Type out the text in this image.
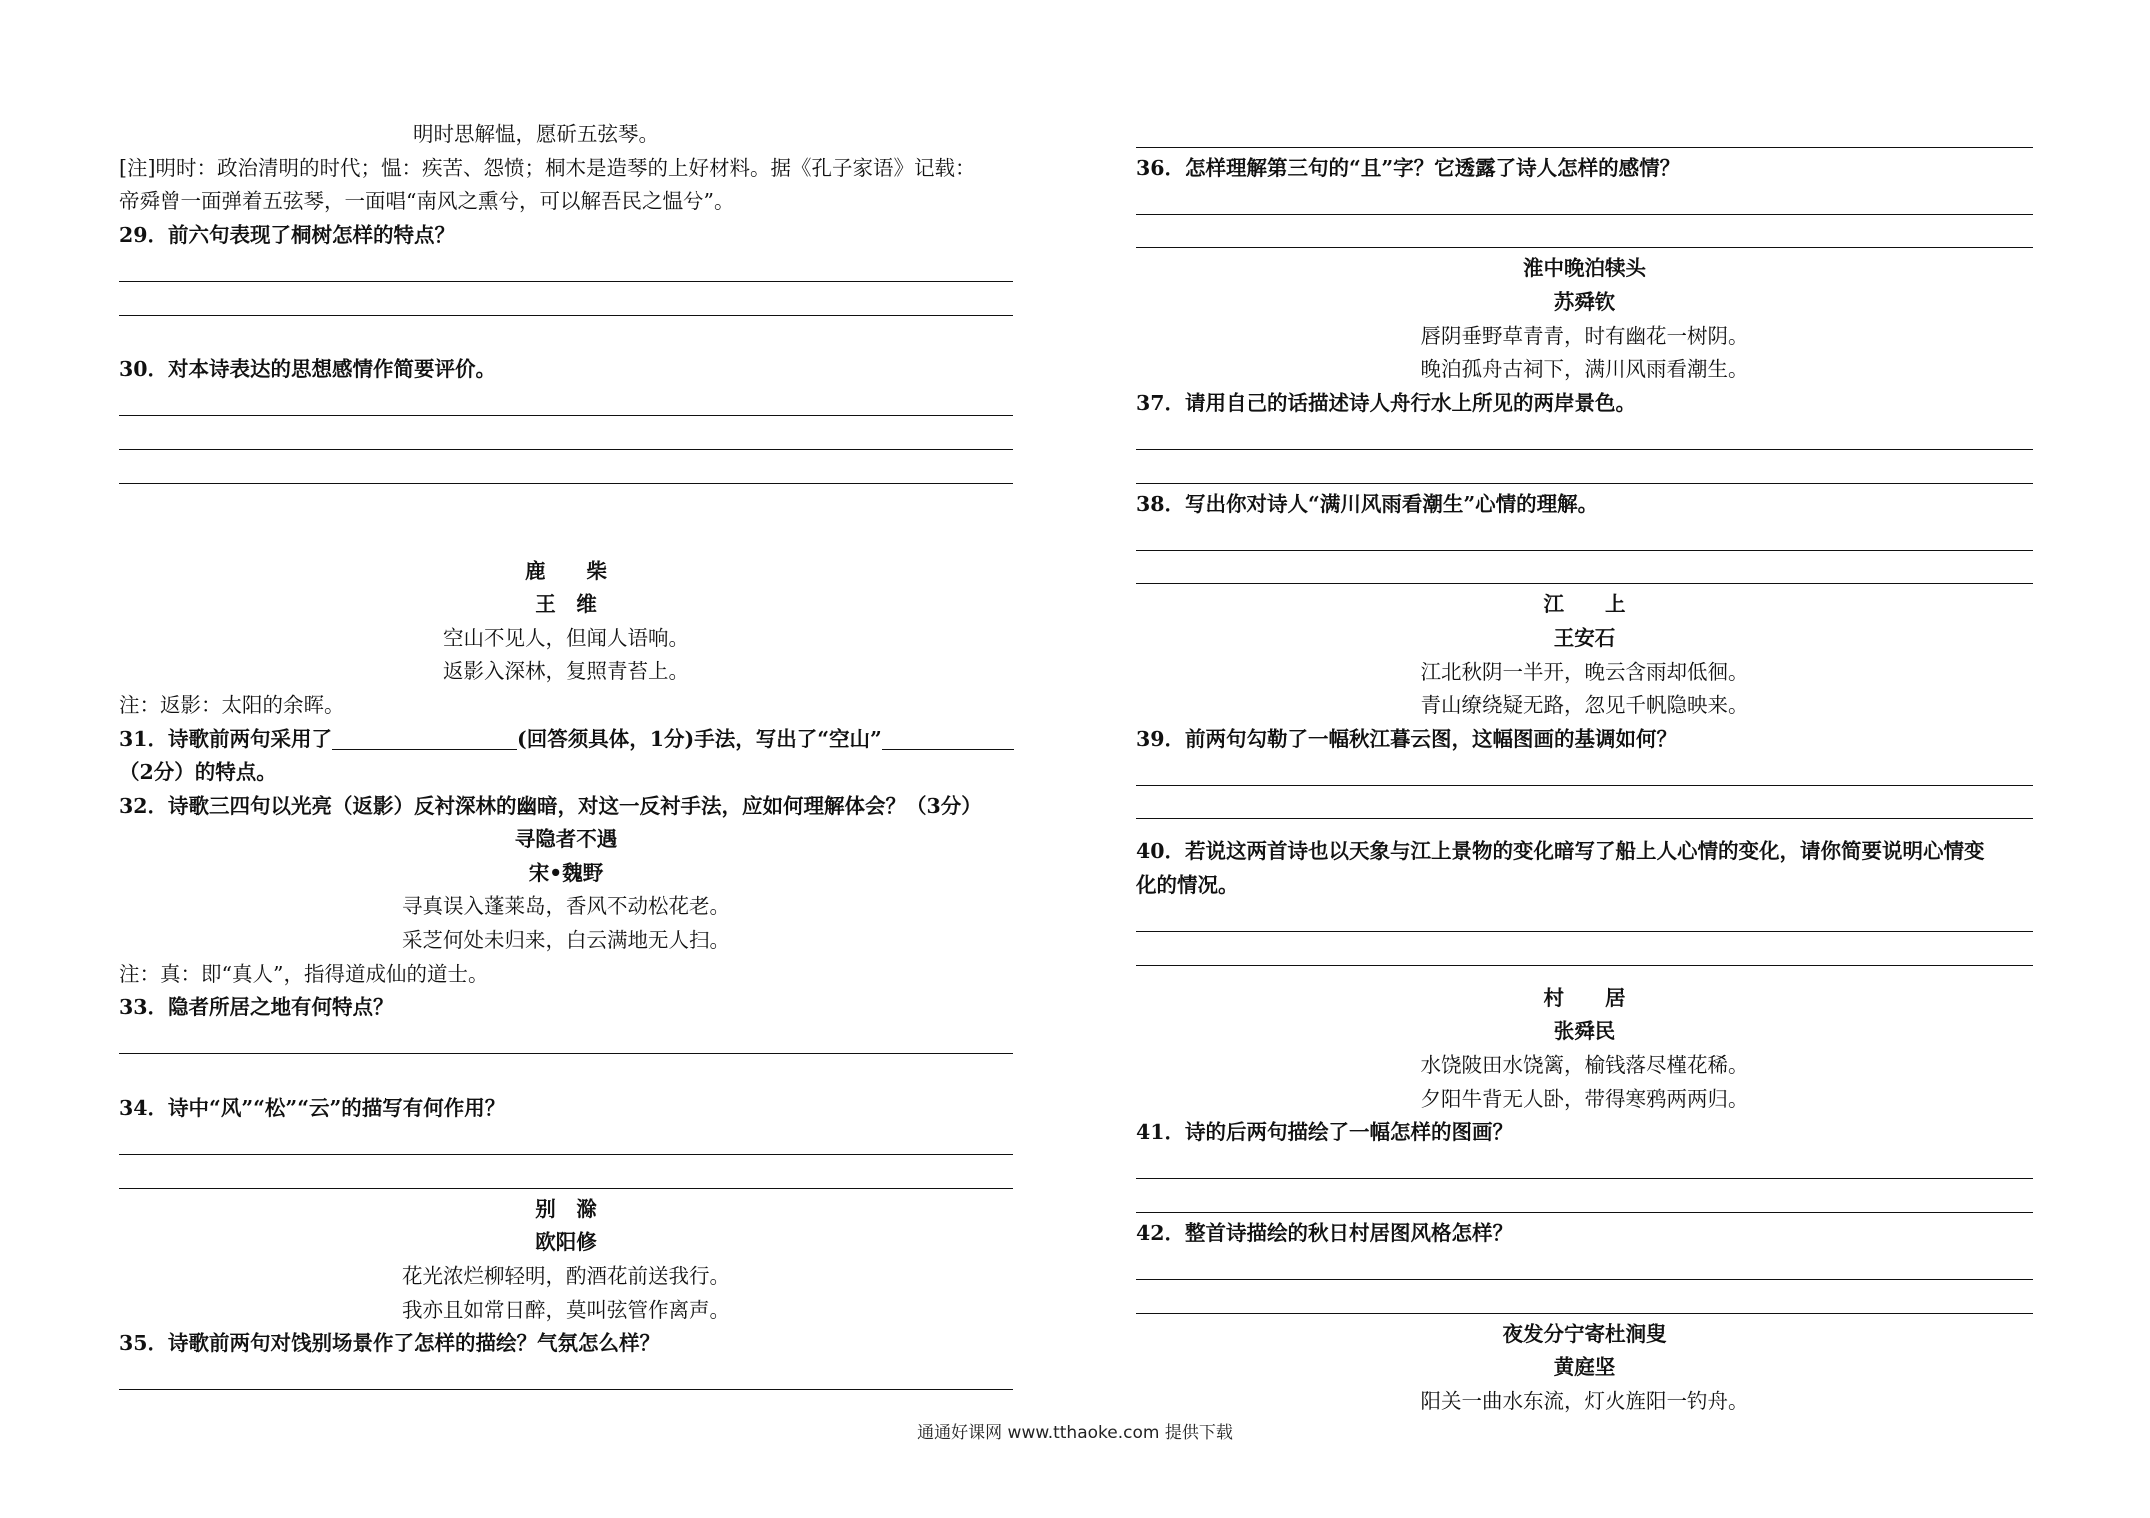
明时思解愠，愿斫五弦琴。
[注]明时：政治清明的时代；愠：疾苦、怨愤；桐木是造琴的上好材料。据《孔子家语》记载：
帝舜曾一面弹着五弦琴，一面唱“南风之熏兮，可以解吾民之愠兮”。
29．前六句表现了桐树怎样的特点？
30．对本诗表达的思想感情作简要评价。
鹿　　柴
王　维
空山不见人，但闻人语响。
返影入深林，复照青苔上。
注：返影：太阳的余晖。
31．诗歌前两句采用了	(回答须具体，1分)手法，写出了“空山”
（2分）的特点。
32．诗歌三四句以光亮（返影）反衬深林的幽暗，对这一反衬手法，应如何理解体会？（3分）
寻隐者不遇
宋•魏野
寻真误入蓬莱岛，香风不动松花老。
采芝何处未归来，白云满地无人扫。
注：真：即“真人”，指得道成仙的道士。
33．隐者所居之地有何特点？
34．诗中“风”“松”“云”的描写有何作用？
别　滁
欧阳修
花光浓烂柳轻明，酌酒花前送我行。
我亦且如常日醉，莫叫弦管作离声。
35．诗歌前两句对饯别场景作了怎样的描绘？气氛怎么样？
36．怎样理解第三句的“且”字？它透露了诗人怎样的感情？
淮中晚泊犊头
苏舜钦
唇阴垂野草青青，时有幽花一树阴。
晚泊孤舟古祠下，满川风雨看潮生。
37．请用自己的话描述诗人舟行水上所见的两岸景色。
38．写出你对诗人“满川风雨看潮生”心情的理解。
江　　上
王安石
江北秋阴一半开，晚云含雨却低徊。
青山缭绕疑无路，忽见千帆隐映来。
39．前两句勾勒了一幅秋江暮云图，这幅图画的基调如何？
40．若说这两首诗也以天象与江上景物的变化暗写了船上人心情的变化，请你简要说明心情变
化的情况。
村　　居
张舜民
水饶陂田水饶篱，榆钱落尽槿花稀。
夕阳牛背无人卧，带得寒鸦两两归。
41．诗的后两句描绘了一幅怎样的图画？
42．整首诗描绘的秋日村居图风格怎样？
夜发分宁寄杜涧叟
黄庭坚
阳关一曲水东流，灯火旌阳一钓舟。
通通好课网 www.tthaoke.com 提供下载
